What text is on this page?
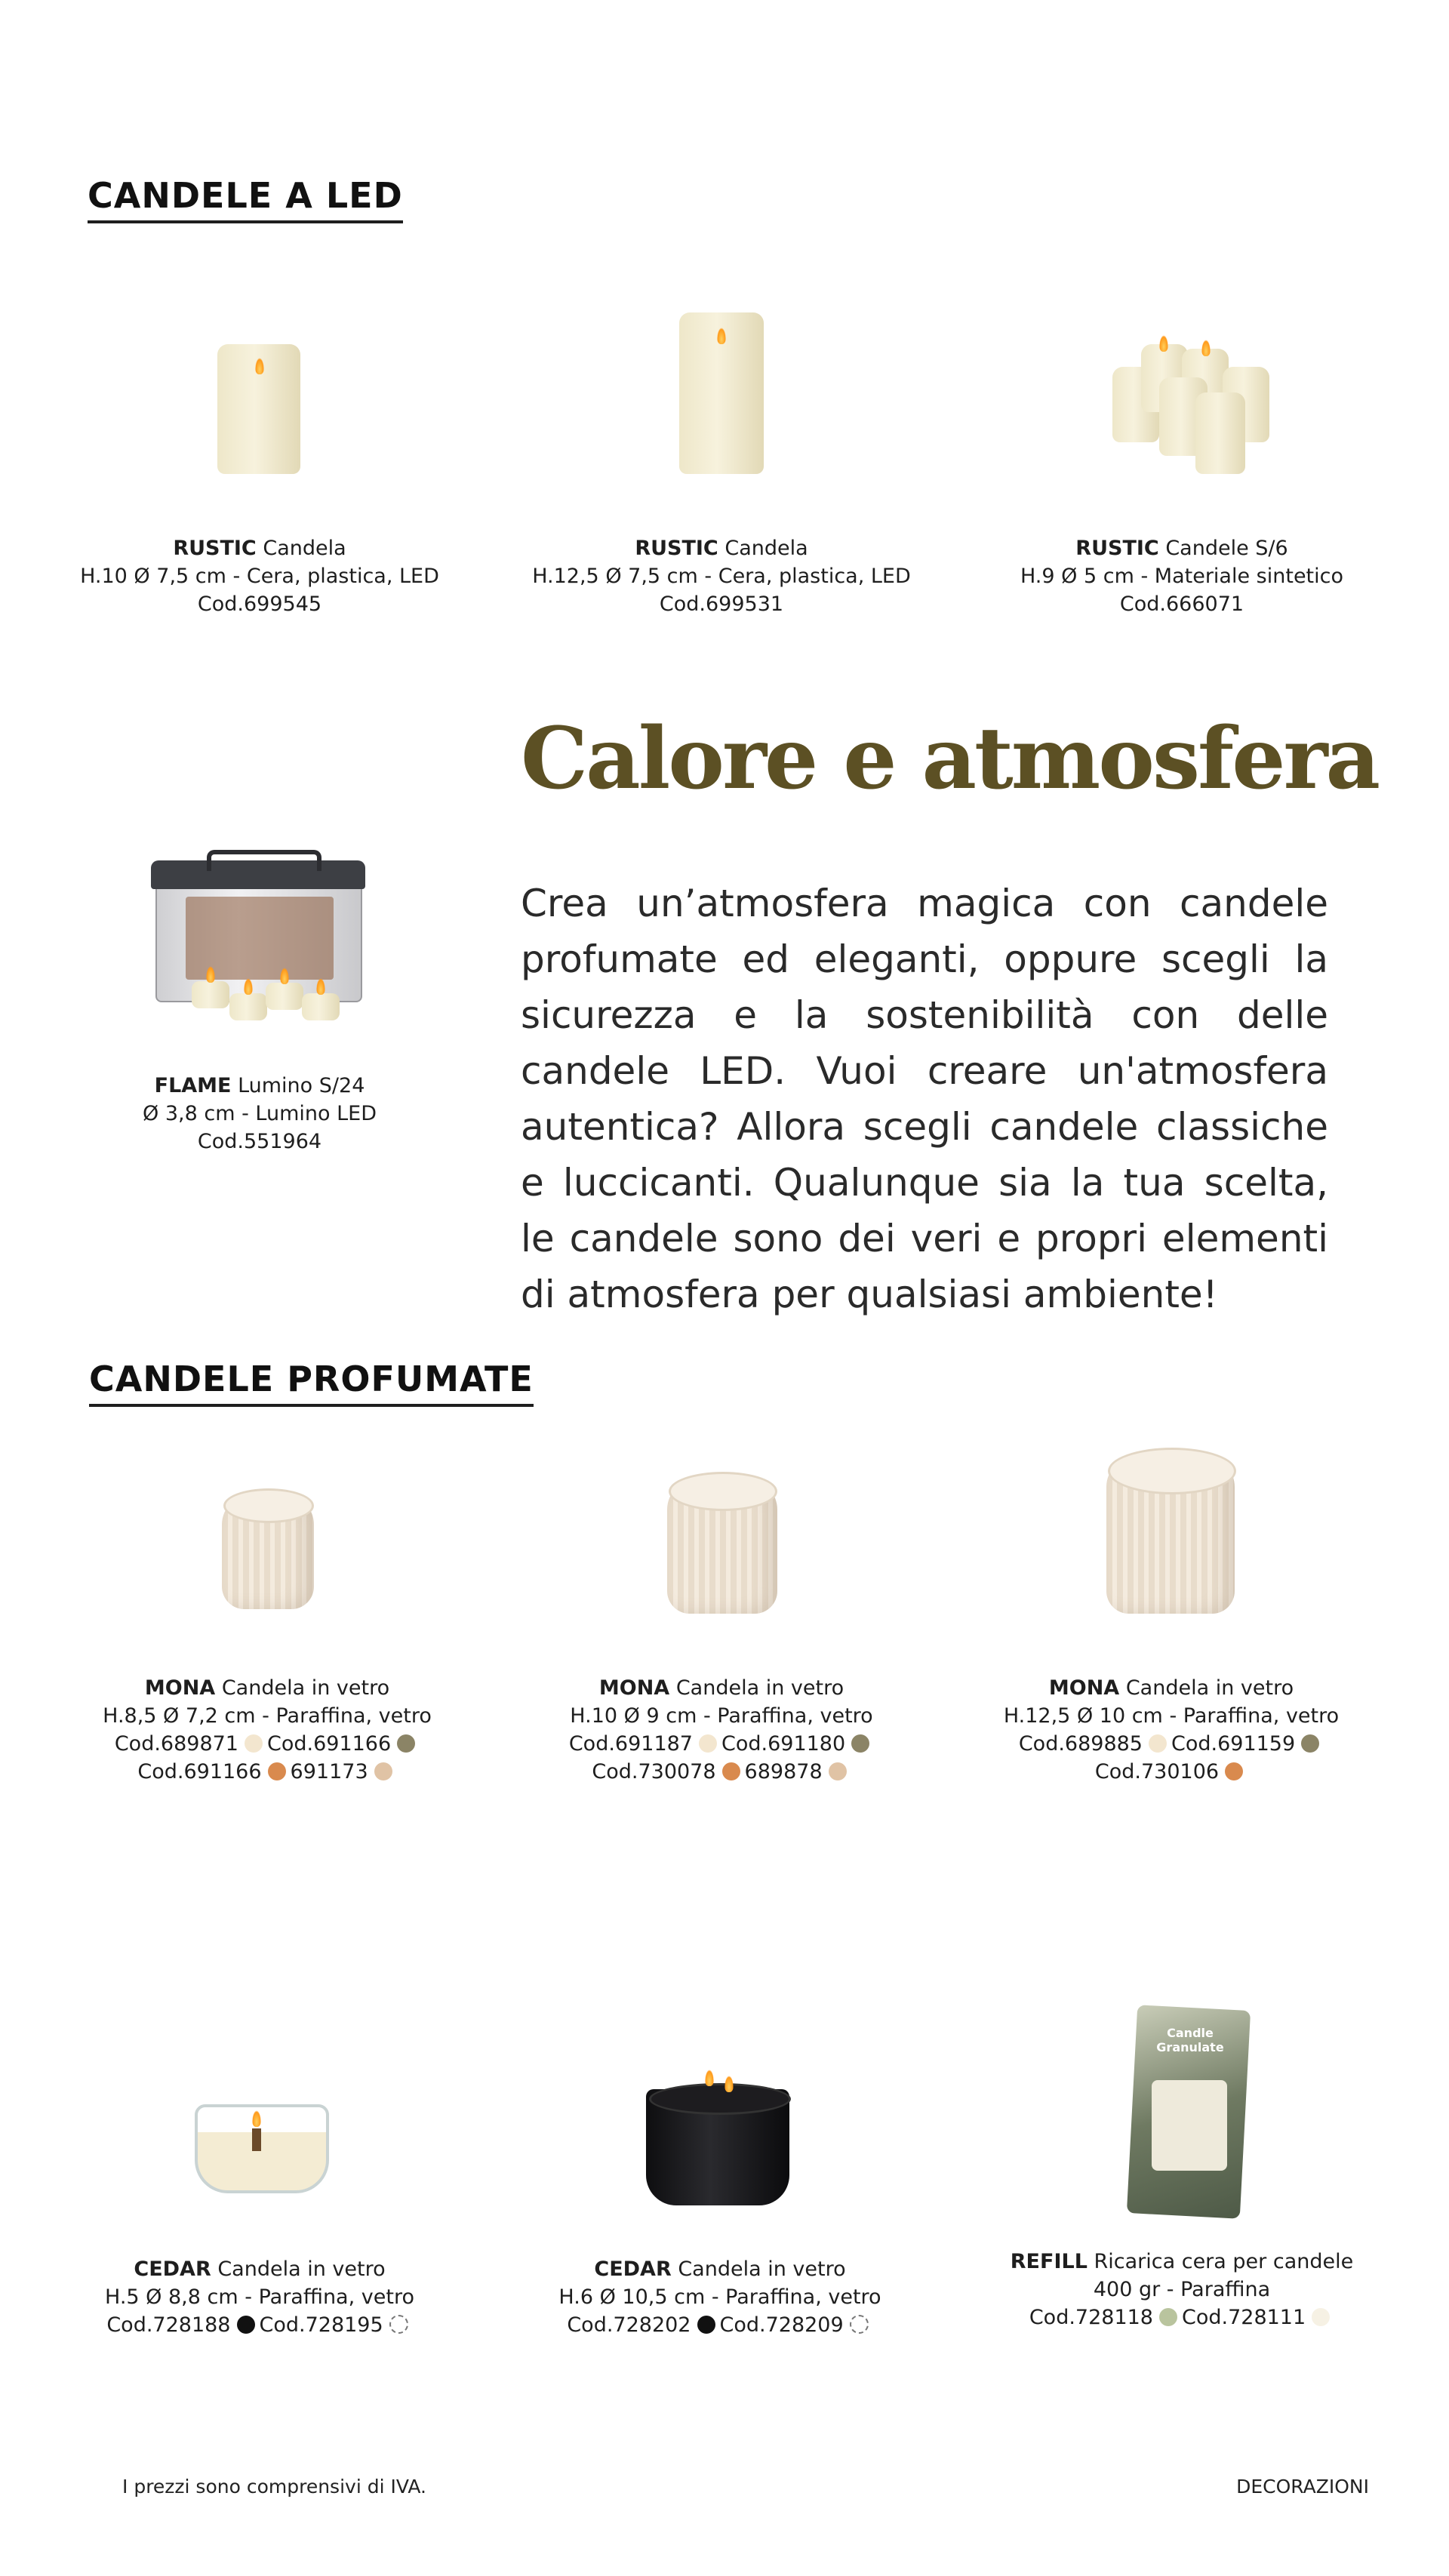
CANDELE A LED
RUSTIC Candela
H.10 Ø 7,5 cm - Cera, plastica, LED
Cod.699545
RUSTIC Candela
H.12,5 Ø 7,5 cm - Cera, plastica, LED
Cod.699531
RUSTIC Candele S/6
H.9 Ø 5 cm - Materiale sintetico
Cod.666071
FLAME Lumino S/24
Ø 3,8 cm - Lumino LED
Cod.551964
Calore e atmosfera

Crea un’atmosfera magica con candele profumate ed eleganti, oppure scegli la sicurezza e la sostenibilità con delle candele LED. Vuoi creare un'atmosfera autentica? Allora scegli candele classiche e luccicanti. Qualunque sia la tua scelta, le candele sono dei veri e propri elementi di atmosfera per qualsiasi ambiente!

CANDELE PROFUMATE
MONA Candela in vetro
H.8,5 Ø 7,2 cm - Paraffina, vetro
Cod.689871 Cod.691166
Cod.691166 691173
MONA Candela in vetro
H.10 Ø 9 cm - Paraffina, vetro
Cod.691187 Cod.691180
Cod.730078 689878
MONA Candela in vetro
H.12,5 Ø 10 cm - Paraffina, vetro
Cod.689885 Cod.691159
Cod.730106
CEDAR Candela in vetro
H.5 Ø 8,8 cm - Paraffina, vetro
Cod.728188 Cod.728195
CEDAR Candela in vetro
H.6 Ø 10,5 cm - Paraffina, vetro
Cod.728202 Cod.728209
Candle Granulate
REFILL Ricarica cera per candele
400 gr - Paraffina
Cod.728118 Cod.728111
I prezzi sono comprensivi di IVA.	DECORAZIONI
